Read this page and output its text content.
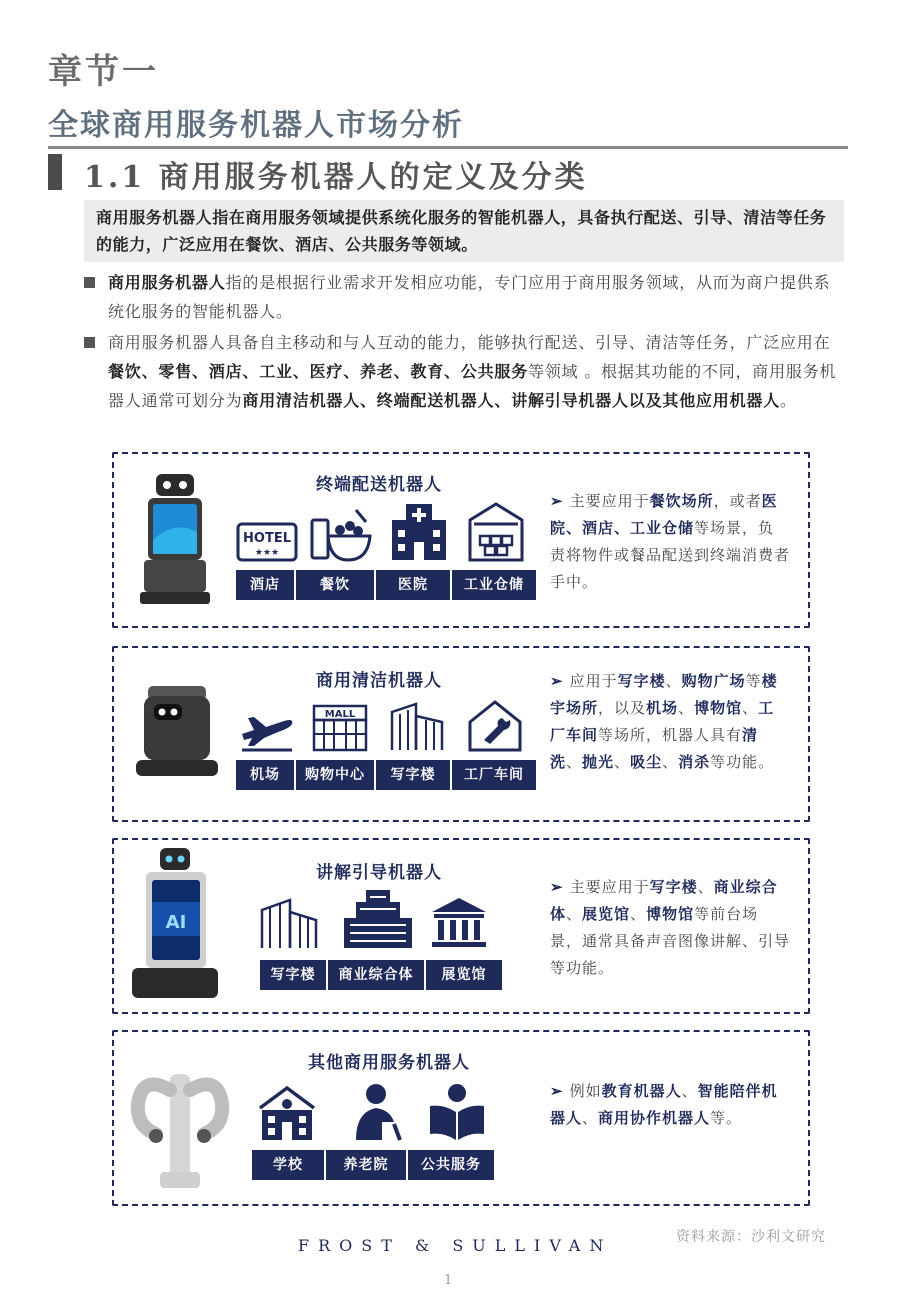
章节一
全球商用服务机器人市场分析
1.1 商用服务机器人的定义及分类
商用服务机器人指在商用服务领域提供系统化服务的智能机器人，具备执行配送、引导、清洁等任务的能力，广泛应用在餐饮、酒店、公共服务等领域。
商用服务机器人指的是根据行业需求开发相应功能，专门应用于商用服务领域，从而为商户提供系统化服务的智能机器人。
商用服务机器人具备自主移动和与人互动的能力，能够执行配送、引导、清洁等任务，广泛应用在餐饮、零售、酒店、工业、医疗、养老、教育、公共服务等领域 。根据其功能的不同，商用服务机器人通常可划分为商用清洁机器人、终端配送机器人、讲解引导机器人以及其他应用机器人。
终端配送机器人
HOTEL
★★★
酒店	餐饮	医院	工业仓储
➢ 主要应用于餐饮场所，或者医院、酒店、工业仓储等场景，负责将物件或餐品配送到终端消费者手中。
商用清洁机器人
MALL
机场	购物中心	写字楼	工厂车间
➢ 应用于写字楼、购物广场等楼宇场所，以及机场、博物馆、工厂车间等场所，机器人具有清洗、抛光、吸尘、消杀等功能。
AI
讲解引导机器人
写字楼	商业综合体	展览馆
➢ 主要应用于写字楼、商业综合体、展览馆、博物馆等前台场景，通常具备声音图像讲解、引导等功能。
其他商用服务机器人
学校	养老院	公共服务
➢ 例如教育机器人、智能陪伴机器人、商用协作机器人等。
FROST & SULLIVAN	资料来源：沙利文研究
1
